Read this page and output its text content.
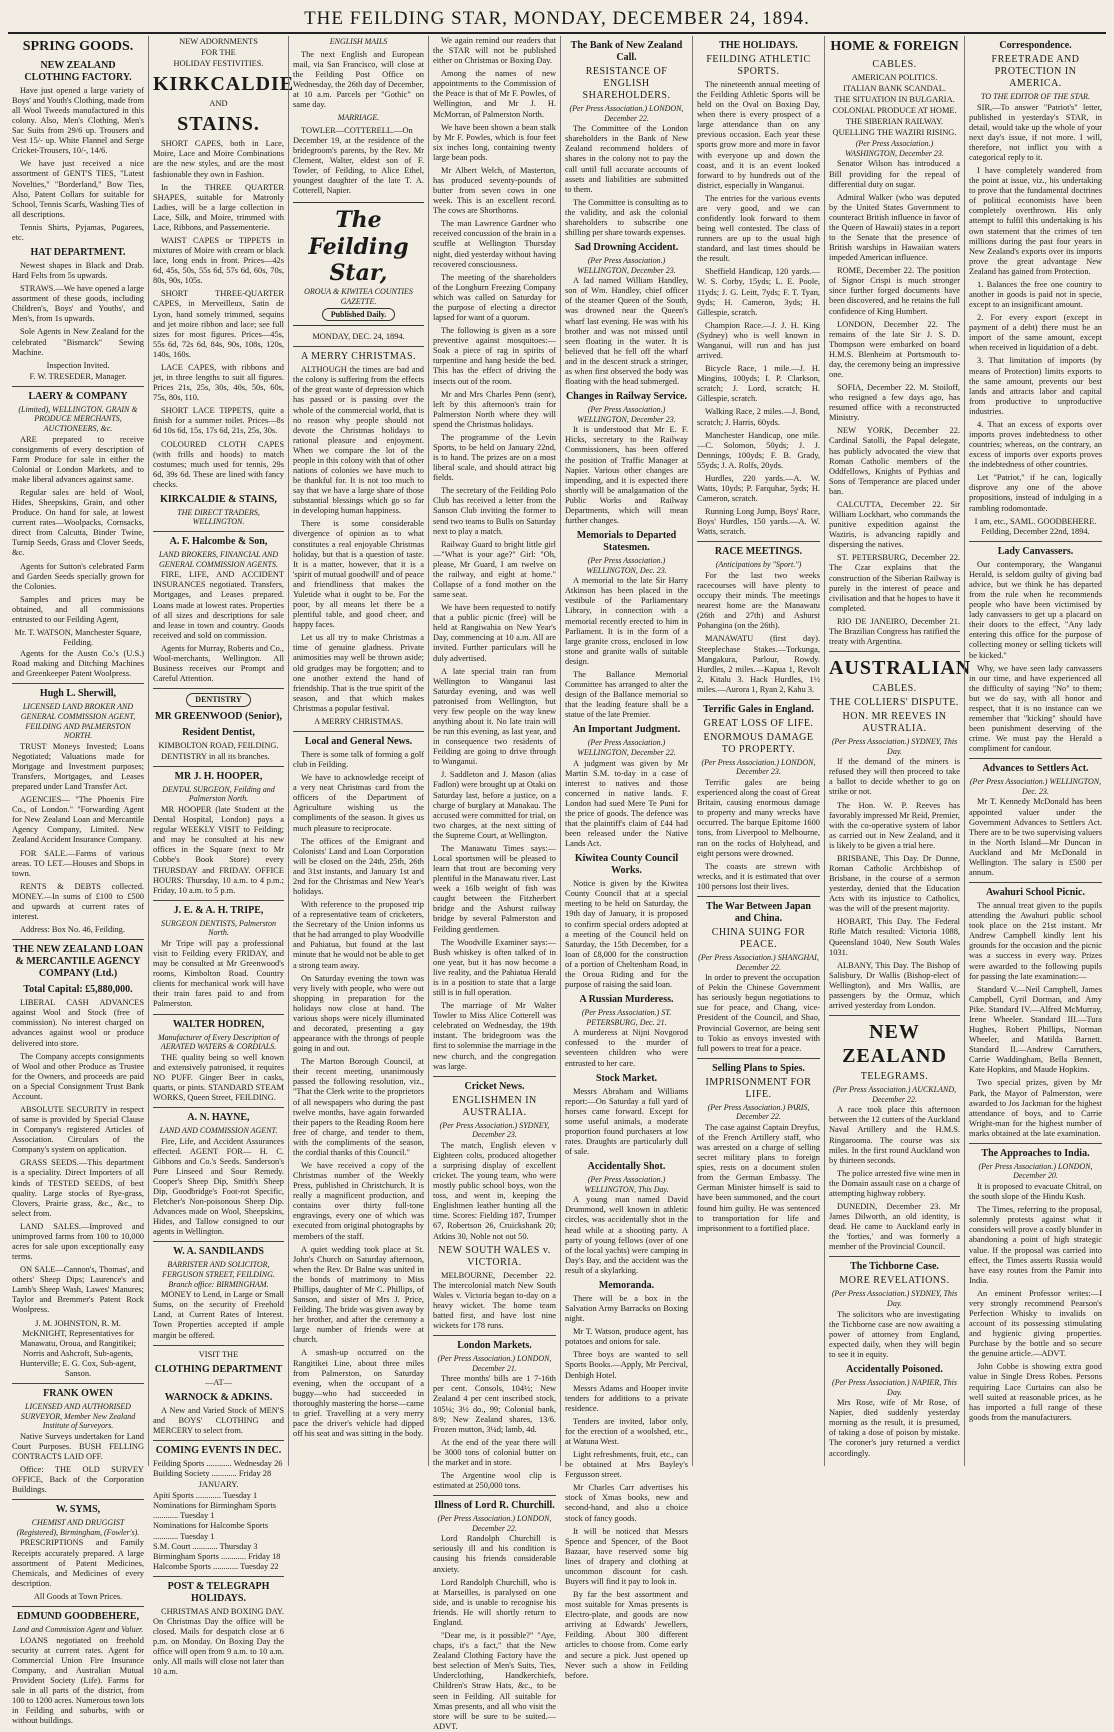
THE FEILDING STAR, MONDAY, DECEMBER 24, 1894.
SPRING GOODS.
NEW ZEALAND CLOTHING FACTORY.

Have just opened a large variety of Boys' and Youth's Clothing, made from all Wool Tweeds manufactured in this colony. Also, Men's Clothing, Men's Sac Suits from 29/6 up. Trousers and Vest 15/- up. White Flannel and Serge Cricket-Trousers, 10/-, 14/6.

We have just received a nice assortment of GENT'S TIES, "Latest Novelties," "Borderland," Bow Ties, Also, Patent Collars for suitable for School, Tennis Scarfs, Washing Ties of all descriptions.

Tennis Shirts, Pyjamas, Pugarees, etc.

HAT DEPARTMENT.

Newest shapes in Black and Drab. Hard Felts from 5s upwards.

STRAWS.—We have opened a large assortment of these goods, including Children's, Boys' and Youths', and Men's, from 1s upwards.

Sole Agents in New Zealand for the celebrated "Bismarck" Sewing Machine.

Inspection Invited.

F. W. TRESEDER, Manager.

LAERY & COMPANY
(Limited), WELLINGTON. GRAIN & PRODUCE MERCHANTS, AUCTIONEERS, &c.

ARE prepared to receive consignments of every description of Farm Produce for sale in either the Colonial or London Markets, and to make liberal advances against same.

Regular sales are held of Wool, Hides, Sheepskins, Grain, and other Produce. On hand for sale, at lowest current rates—Woolpacks, Cornsacks, direct from Calcutta, Binder Twine, Turnip Seeds, Grass and Clover Seeds, &c.

Agents for Sutton's celebrated Farm and Garden Seeds specially grown for the Colonies.

Samples and prices may be obtained, and all commissions entrusted to our Feilding Agent,

Mr. T. WATSON, Manchester Square, Feilding.

Agents for the Austn Co.'s (U.S.) Road making and Ditching Machines and Greenkeeper Patent Woolpress.

Hugh L. Sherwill,
LICENSED LAND BROKER AND GENERAL COMMISSION AGENT, FEILDING AND PALMERSTON NORTH.

TRUST Moneys Invested; Loans Negotiated; Valuations made for Mortgage and Investment purposes; Transfers, Mortgages, and Leases prepared under Land Transfer Act.

AGENCIES— "The Phoenix Fire Co., of London." "Forwarding Agent for New Zealand Loan and Mercantile Agency Company, Limited. New Zealand Accident Insurance Company.

FOR SALE.—Farms of various areas. TO LET.—Houses and Shops in town.

RENTS & DEBTS collected. MONEY.—In sums of £100 to £500 and upwards at current rates of interest.

Address: Box No. 46, Feilding.

THE NEW ZEALAND LOAN & MERCANTILE AGENCY COMPANY (Ltd.)
Total Capital: £5,880,000.

LIBERAL CASH ADVANCES against Wool and Stock (free of commission). No interest charged on advances against wool or produce delivered into store.

The Company accepts consignments of Wool and other Produce as Trustee for the Owners, and proceeds are paid on a Special Consignment Trust Bank Account.

ABSOLUTE SECURITY in respect of same is provided by Special Clause in Company's registered Articles of Association. Circulars of the Company's system on application.

GRASS SEEDS.—This department is a speciality. Direct Importers of all kinds of TESTED SEEDS, of best quality. Large stocks of Rye-grass, Clovers, Prairie grass, &c., &c., to select from.

LAND SALES.—Improved and unimproved farms from 100 to 10,000 acres for sale upon exceptionally easy terms.

ON SALE—Cannon's, Thomas', and others' Sheep Dips; Laurence's and Lamb's Sheep Wash, Lawes' Manures; Taylor and Bremmer's Patent Rock Woolpress.

J. M. JOHNSTON, R. M. McKNIGHT, Representatives for Manawatu, Oroua, and Rangitikei; Norris and Ashcroft, Sub-agents, Hunterville; E. G. Cox, Sub-agent, Sanson.

FRANK OWEN
LICENSED AND AUTHORISED SURVEYOR, Member New Zealand Institute of Surveyors.

Native Surveys undertaken for Land Court Purposes. BUSH FELLING CONTRACTS LAID OFF.

Office: THE OLD SURVEY OFFICE, Back of the Corporation Buildings.

W. SYMS,
CHEMIST AND DRUGGIST (Registered), Birmingham, (Fowler's).

PRESCRIPTIONS and Family Receipts accurately prepared. A large assortment of Patent Medicines, Chemicals, and Medicines of every description.

All Goods at Town Prices.

EDMUND GOODBEHERE,
Land and Commission Agent and Valuer.

LOANS negotiated on freehold security at current rates. Agent for Commercial Union Fire Insurance Company, and Australian Mutual Provident Society (Life). Farms for sale in all parts of the district, from 100 to 1200 acres. Numerous town lots in Feilding and suburbs, with or without buildings.

NEW ADORNMENTS

FOR THE

HOLIDAY FESTIVITIES.

KIRKCALDIE

AND

STAINS.

SHORT CAPES, both in Lace, Moire, Lace and Moire Combinations are the new styles, and are the most fashionable they own in Fashion.

In the THREE QUARTER SHAPES, suitable for Matronly Ladies, will be a large collection in Lace, Silk, and Moire, trimmed with Lace, Ribbons, and Passementerie.

WAIST CAPES or TIPPETS in mixtures of Moire with cream or black lace, long ends in front. Prices—42s 6d, 45s, 50s, 55s 6d, 57s 6d, 60s, 70s, 80s, 90s, 105s.

SHORT THREE-QUARTER CAPES, in Merveilleux, Satin de Lyon, hand somely trimmed, sequins and jet moire ribbon and lace; see full sizes for most figures. Prices—45s, 55s 6d, 72s 6d, 84s, 90s, 108s, 120s, 140s, 160s.

LACE CAPES, with ribbons and jet, in three lengths to suit all figures. Prices 21s, 25s, 30s, 40s, 50s, 60s, 75s, 80s, 110.

SHORT LACE TIPPETS, quite a finish for a summer toilet. Prices—8s 6d 10s 6d, 15s, 17s 6d, 21s, 25s, 30s.

COLOURED CLOTH CAPES (with frills and hoods) to match costumes; much used for tennis, 29s 6d, 39s 6d. These are lined with fancy checks.

KIRKCALDIE & STAINS,
THE DIRECT TRADERS, WELLINGTON.
A. F. Halcombe & Son,
LAND BROKERS, FINANCIAL AND GENERAL COMMISSION AGENTS.

FIRE, LIFE, AND ACCIDENT INSURANCES negotiated. Transfers, Mortgages, and Leases prepared. Loans made at lowest rates. Properties of all sizes and descriptions for sale and lease in town and country. Goods received and sold on commission.

Agents for Murray, Roberts and Co., Wool-merchants, Wellington. All Business receives our Prompt and Careful Attention.

DENTISTRY
MR GREENWOOD (Senior),
Resident Dentist,

KIMBOLTON ROAD, FEILDING.

DENTISTRY in all its branches.

MR J. H. HOOPER,
DENTAL SURGEON, Feilding and Palmerston North.

MR HOOPER (late Student at the Dental Hospital, London) pays a regular WEEKLY VISIT to Feilding; and may be consulted at his new offices in the Square (next to Mr Cobbe's Book Store) every THURSDAY and FRIDAY. OFFICE HOURS: Thursday, 10 a.m. to 4 p.m.; Friday, 10 a.m. to 5 p.m.

J. E. & A. H. TRIPE,
SURGEON DENTISTS, Palmerston North.

Mr Tripe will pay a professional visit to Feilding every FRIDAY, and may be consulted at Mr Greenwood's rooms, Kimbolton Road. Country clients for mechanical work will have their train fares paid to and from Palmerston.

WALTER HODREN,
Manufacturer of Every Description of AERATED WATERS & CORDIALS.

THE quality being so well known and extensively patronised, it requires NO PUFF. Ginger Beer in casks, quarts, or pints. STANDARD STEAM WORKS, Queen Street, FEILDING.

A. N. HAYNE,
LAND AND COMMISSION AGENT.

Fire, Life, and Accident Assurances effected. AGENT FOR— H. C. Gibbons and Co.'s Seeds. Sanderson's Pure Linseed and Sour Remedy. Cooper's Sheep Dip, Smith's Sheep Dip, Goodbridge's Foot-rot Specific, Fletcher's Non-poisonous Sheep Dip. Advances made on Wool, Sheepskins, Hides, and Tallow consigned to our agents in Wellington.

W. A. SANDILANDS
BARRISTER AND SOLICITOR, FERGUSON STREET, FEILDING. Branch office: BIRMINGHAM.

MONEY to Lend, in Large or Small Sums, on the security of Freehold Land, at Current Rates of Interest. Town Properties accepted if ample margin be offered.

VISIT THE

CLOTHING DEPARTMENT

—AT—

WARNOCK & ADKINS.

A New and Varied Stock of MEN'S and BOYS' CLOTHING and MERCERY to select from.

COMING EVENTS IN DEC.
Feilding Sports ............ Wednesday 26
Building Society ............ Friday 28
JANUARY.
Apiti Sports ............ Tuesday 1
Nominations for Birmingham Sports ............ Tuesday 1
Nominations for Halcombe Sports ............ Tuesday 1
S.M. Court ............ Thursday 3
Birmingham Sports ............ Friday 18
Halcombe Sports ............ Tuesday 22
POST & TELEGRAPH HOLIDAYS.

CHRISTMAS AND BOXING DAY. On Christmas Day the office will be closed. Mails for despatch close at 6 p.m. on Monday. On Boxing Day the office will open from 9 a.m. to 10 a.m. only. All mails will close not later than 10 a.m.

ENGLISH MAILS

The next English and European mail, via San Francisco, will close at the Feilding Post Office on Wednesday, the 26th day of December, at 10 a.m. Parcels per "Gothic" on same day.

MARRIAGE.

TOWLER—COTTERELL.—On December 19, at the residence of the bridegroom's parents, by the Rev. Mr Clement, Walter, eldest son of F. Towler, of Feilding, to Alice Ethel, youngest daughter of the late T. A. Cotterell, Napier.

The Feilding Star,
OROUA & KIWITEA COUNTIES GAZETTE.
Published Daily.
MONDAY, DEC. 24, 1894.
A MERRY CHRISTMAS.

ALTHOUGH the times are bad and the colony is suffering from the effects of the great waste of depression which has passed or is passing over the whole of the commercial world, that is no reason why people should not devote the Christmas holidays to rational pleasure and enjoyment. When we compare the lot of the people in this colony with that of other nations of colonies we have much to be thankful for. It is not too much to say that we have a large share of those substantial blessings which go so far in developing human happiness.

There is some considerable divergence of opinion as to what constitutes a real enjoyable Christmas holiday, but that is a question of taste. It is a matter, however, that it is a 'spirit of mutual goodwill' and of peace and friendliness that makes the Yuletide what it ought to be. For the poor, by all means let there be a plentiful table, and good cheer, and happy faces.

Let us all try to make Christmas a time of genuine gladness. Private animosities may well be thrown aside; old grudges may be forgotten; and to one another extend the hand of friendship. That is the true spirit of the season, and that which makes Christmas a popular festival.

A MERRY CHRISTMAS.

Local and General News.

There is some talk of forming a golf club in Feilding.

We have to acknowledge receipt of a very neat Christmas card from the officers of the Department of Agriculture wishing us the compliments of the season. It gives us much pleasure to reciprocate.

The offices of the Emigrant and Colonists' Land and Loan Corporation will be closed on the 24th, 25th, 26th and 31st instants, and January 1st and 2nd for the Christmas and New Year's holidays.

With reference to the proposed trip of a representative team of cricketers, the Secretary of the Union informs us that he had arranged to play Woodville and Pahiatua, but found at the last minute that he would not be able to get a strong team away.

On Saturday evening the town was very lively with people, who were out shopping in preparation for the holidays now close at hand. The various shops were nicely illuminated and decorated, presenting a gay appearance with the throngs of people going in and out.

The Marton Borough Council, at their recent meeting, unanimously passed the following resolution, viz., "That the Clerk write to the proprietors of all newspapers who during the past twelve months, have again forwarded their papers to the Reading Room here free of charge, and tender to them, with the compliments of the season, the cordial thanks of this Council."

We have received a copy of the Christmas number of the Weekly Press, published in Christchurch. It is really a magnificent production, and contains over thirty full-tone engravings, every one of which was executed from original photographs by members of the staff.

A quiet wedding took place at St. John's Church on Saturday afternoon, when the Rev. Dr Balne was united in the bonds of matrimony to Miss Phillips, daughter of Mr C. Phillips, of Sanson, and sister of Mrs J. Price, Feilding. The bride was given away by her brother, and after the ceremony a large number of friends were at church.

A smash-up occurred on the Rangitikei Line, about three miles from Palmerston, on Saturday evening, when the occupant of a buggy—who had succeeded in thoroughly mastering the horse—came to grief. Travelling at a very merry pace the driver's vehicle had dipped off his seat and was sitting in the body.

We again remind our readers that the STAR will not be published either on Christmas or Boxing Day.

Among the names of new appointments to the Commission of the Peace is that of Mr F. Powles, of Wellington, and Mr J. H. McMorran, of Palmerston North.

We have been shown a bean stalk by Mr F. Powles, which is four feet six inches long, containing twenty large bean pods.

Mr Albert Welch, of Masterton, has produced seventy-pounds of butter from seven cows in one week. This is an excellent record. The cows are Shorthorns.

The man Lawrence Gardner who received concussion of the brain in a scuffle at Wellington Thursday night, died yesterday without having recovered consciousness.

The meeting of the shareholders of the Longburn Freezing Company which was called on Saturday for the purpose of electing a director lapsed for want of a quorum.

The following is given as a sore preventive against mosquitoes:—Soak a piece of rag in spirits of turpentine and hang beside the bed. This has the effect of driving the insects out of the room.

Mr and Mrs Charles Penn (senr), left by this afternoon's train for Palmerston North where they will spend the Christmas holidays.

The programme of the Levin Sports, to be held on January 22nd, is to hand. The prizes are on a most liberal scale, and should attract big fields.

The secretary of the Feilding Polo Club has received a letter from the Sanson Club inviting the former to send two teams to Bulls on Saturday next to play a match.

Railway Guard to bright little girl—"What is your age?" Girl: "Oh, please, Mr Guard, I am twelve on the railway, and eight at home." Collapse of a fond mother on the same seat.

We have been requested to notify that a public picnic (free) will be held at Rangiwahia on New Year's Day, commencing at 10 a.m. All are invited. Further particulars will be duly advertised.

A late special train ran from Wellington to Wanganui last Saturday evening, and was well patronised from Wellington, but very few people on the way knew anything about it. No late train will be run this evening, as last year, and in consequence two residents of Feilding are going to drive through to Wanganui.

J. Saddleton and J. Mason (alias Fadlon) were brought up at Otaki on Saturday last, before a justice, on a charge of burglary at Manakau. The accused were committed for trial, on two charges, at the next sitting of the Supreme Court, at Wellington.

The Manawatu Times says:—Local sportsmen will be pleased to learn that trout are becoming very plentiful in the Manawatu river. Last week a 16lb weight of fish was caught between the Fitzherbert bridge and the Ashurst railway bridge by several Palmerston and Feilding gentlemen.

The Woodville Examiner says:—Bush whiskey is often talked of in one year, but it has now become a live reality, and the Pahiatua Herald is in a position to state that a large still is in full operation.

The marriage of Mr Walter Towler to Miss Alice Cotterell was celebrated on Wednesday, the 19th instant. The bridegroom was the first to solemnise the marriage in the new church, and the congregation was large.

Cricket News.
ENGLISHMEN IN AUSTRALIA.
(Per Press Association.) SYDNEY, December 23.

The match, English eleven v Eighteen colts, produced altogether a surprising display of excellent cricket. The young team, who were mostly public school boys, won the toss, and went in, keeping the Englishmen leather hunting all the time. Scores: Fielding 187, Trumper 67, Robertson 26, Cruickshank 20; Atkins 30, Noble not out 50.

NEW SOUTH WALES v. VICTORIA.

MELBOURNE, December 22. The intercolonial match New South Wales v. Victoria began to-day on a heavy wicket. The home team batted first, and have lost nine wickets for 178 runs.

London Markets.
(Per Press Association.) LONDON, December 21.

Three months' bills are 1 7-16th per cent. Consols, 104½; New Zealand 4 per cent inscribed stock, 105¼; 3½ do., 99; Colonial bank, 8/9; New Zealand shares, 13/6. Frozen mutton, 3¼d; lamb, 4d.

At the end of the year there will be 3000 tons of colonial butter on the market and in store.

The Argentine wool clip is estimated at 250,000 tons.

Illness of Lord R. Churchill.
(Per Press Association.) LONDON, December 22.

Lord Randolph Churchill is seriously ill and his condition is causing his friends considerable anxiety.

Lord Randolph Churchill, who is at Marseilles, is paralysed on one side, and is unable to recognise his friends. He will shortly return to England.

"Dear me, is it possible?" "Aye, chaps, it's a fact," that the New Zealand Clothing Factory have the best selection of Men's Suits, Ties, Underclothing, Handkerchiefs, Children's Straw Hats, &c., to be seen in Feilding. All suitable for Xmas presents, and all who visit the store will be sure to be suited.—ADVT.

The Bank of New Zealand Call.
RESISTANCE OF ENGLISH SHAREHOLDERS.
(Per Press Association.) LONDON, December 22.

The Committee of the London shareholders in the Bank of New Zealand recommend holders of shares in the colony not to pay the call until full accurate accounts of assets and liabilities are submitted to them.

The Committee is consulting as to the validity, and ask the colonial shareholders to subscribe one shilling per share towards expenses.

Sad Drowning Accident.
(Per Press Association.) WELLINGTON, December 23.

A lad named William Handley, son of Wm. Handley, chief officer of the steamer Queen of the South, was drowned near the Queen's wharf last evening. He was with his brother and was not missed until seen floating in the water. It is believed that he fell off the wharf and in the descent struck a stringer, as when first observed the body was floating with the head submerged.

Changes in Railway Service.
(Per Press Association.) WELLINGTON, December 23.

It is understood that Mr E. F. Hicks, secretary to the Railway Commissioners, has been offered the position of Traffic Manager at Napier. Various other changes are impending, and it is expected there shortly will be amalgamation of the Public Works and Railway Departments, which will mean further changes.

Memorials to Departed Statesmen.
(Per Press Association.) WELLINGTON, Dec. 23.

A memorial to the late Sir Harry Atkinson has been placed in the vestibule of the Parliamentary Library, in connection with a memorial recently erected to him in Parliament. It is in the form of a large granite cross, enclosed in low stone and granite walls of suitable design.

The Ballance Memorial Committee has arranged to alter the design of the Ballance memorial so that the leading feature shall be a statue of the late Premier.

An Important Judgment.
(Per Press Association.) WELLINGTON, December 22.

A judgment was given by Mr Martin S.M. to-day in a case of interest to natives and those concerned in native lands. F. London had sued Mere Te Puni for the price of goods. The defence was that the plaintiff's claim of £44 had been released under the Native Lands Act.

Kiwitea County Council Works.

Notice is given by the Kiwitea County Council that at a special meeting to be held on Saturday, the 19th day of January, it is proposed to confirm special orders adopted at a meeting of the Council held on Saturday, the 15th December, for a loan of £8,000 for the construction of a portion of Cheltenham Road, in the Oroua Riding and for the purpose of raising the said loan.

A Russian Murderess.
(Per Press Association.) ST. PETERSBURG, Dec. 21.

A murderess at Nijni Novgorod confessed to the murder of seventeen children who were entrusted to her care.

Stock Market.

Messrs Abraham and Williams report:—On Saturday a full yard of horses came forward. Except for some useful animals, a moderate proportion found purchasers at low rates. Draughts are particularly dull of sale.

Accidentally Shot.
(Per Press Association.) WELLINGTON, This Day.

A young man named David Drummond, well known in athletic circles, was accidentally shot in the head while at a shooting party. A party of young fellows (over of one of the local yachts) were camping in Day's Bay, and the accident was the result of a skylarking.

Memoranda.

There will be a box in the Salvation Army Barracks on Boxing night.

Mr T. Watson, produce agent, has potatoes and onions for sale.

Three boys are wanted to sell Sports Books.—Apply, Mr Percival, Denbigh Hotel.

Messrs Adams and Hooper invite tenders for additions to a private residence.

Tenders are invited, labor only, for the erection of a woolshed, etc., at Watuna West.

Light refreshments, fruit, etc., can be obtained at Mrs Bayley's Fergusson street.

Mr Charles Carr advertises his stock of Xmas books, new and second-hand, and also a choice stock of fancy goods.

It will be noticed that Messrs Spence and Spencer, of the Boot Bazaar, have reserved some big lines of drapery and clothing at uncommon discount for cash. Buyers will find it pay to look in.

By far the best assortment and most suitable for Xmas presents is Electro-plate, and goods are now arriving at Edwards' Jewellers, Feilding. About 300 different articles to choose from. Come early and secure a pick. Just opened up Never such a show in Feilding before.

THE HOLIDAYS.
FEILDING ATHLETIC SPORTS.

The nineteenth annual meeting of the Feilding Athletic Sports will be held on the Oval on Boxing Day, when there is every prospect of a large attendance than on any previous occasion. Each year these sports grow more and more in favor with everyone up and down the coast, and it is an event looked forward to by hundreds out of the district, especially in Wanganui.

The entries for the various events are very good, and we can confidently look forward to them being well contested. The class of runners are up to the usual high standard, and last times should be the result.

Sheffield Handicap, 120 yards.—W. S. Corby, 15yds; L. E. Poole, 11yds; J. G. Leitt, 7yds; F. T. Tyan, 9yds; H. Cameron, 3yds; H. Gillespie, scratch.

Champion Race.—J. J. H. King (Sydney) who is well known in Wanganui, will run and has just arrived.

Bicycle Race, 1 mile.—J. H. Mingins, 100yds; I. P. Clarkson, scratch; J. Lord, scratch; H. Gillespie, scratch.

Walking Race, 2 miles.—J. Bond, scratch; J. Harris, 60yds.

Manchester Handicap, one mile.—C. Solomon, 50yds; J. J. Dennings, 100yds; F. B. Grady, 55yds; J. A. Rolfs, 20yds.

Hurdles, 220 yards.—A. W. Watts, 10yds; P. Farquhar, 5yds; H. Cameron, scratch.

Running Long Jump, Boys' Race, Boys' Hurdles, 150 yards.—A. W. Watts, scratch.

RACE MEETINGS.
(Anticipations by "Sport.")

For the last two weeks racecourses will have plenty to occupy their minds. The meetings nearest home are the Manawatu (26th and 27th) and Ashurst Pohangina (on the 26th).

MANAWATU (first day). Steeplechase Stakes.—Torkunga, Mangakura, Parlour, Rowdy. Hurdles, 2 miles.—Kapua 1, Revolt 2, Kitalu 3. Hack Hurdles, 1½ miles.—Aurora 1, Ryan 2, Kahu 3.

Terrific Gales in England.
GREAT LOSS OF LIFE.
ENORMOUS DAMAGE TO PROPERTY.
(Per Press Association.) LONDON, December 23.

Terrific gales are being experienced along the coast of Great Britain, causing enormous damage to property and many wrecks have occurred. The barque Epitome 1600 tons, from Liverpool to Melbourne, ran on the rocks of Holyhead, and eight persons were drowned.

The coasts are strewn with wrecks, and it is estimated that over 100 persons lost their lives.

The War Between Japan and China.
CHINA SUING FOR PEACE.
(Per Press Association.) SHANGHAI, December 22.

In order to prevent the occupation of Pekin the Chinese Government has seriously begun negotiations to sue for peace, and Chang, vice-President of the Council, and Shao, Provincial Governor, are being sent to Tokio as envoys invested with full powers to treat for a peace.

Selling Plans to Spies.
IMPRISONMENT FOR LIFE.
(Per Press Association.) PARIS, December 22.

The case against Captain Dreyfus, of the French Artillery staff, who was arrested on a charge of selling secret military plans to foreign spies, rests on a document stolen from the German Embassy. The German Minister himself is said to have been summoned, and the court found him guilty. He was sentenced to transportation for life and imprisonment to a fortified place.

HOME & FOREIGN
CABLES.
AMERICAN POLITICS.
ITALIAN BANK SCANDAL.
THE SITUATION IN BULGARIA.
COLONIAL PRODUCE AT HOME.
THE SIBERIAN RAILWAY.
QUELLING THE WAZIRI RISING.
(Per Press Association.) WASHINGTON, December 23.

Senator Wilson has introduced a Bill providing for the repeal of differential duty on sugar.

Admiral Walker (who was deputed by the United States Government to counteract British influence in favor of the Queen of Hawaii) states in a report to the Senate that the presence of British warships in Hawaiian waters impeded American influence.

ROME, December 22. The position of Signor Crispi is much stronger since further forged documents have been discovered, and he retains the full confidence of King Humbert.

LONDON, December 22. The remains of the late Sir J. S. D. Thompson were embarked on board H.M.S. Blenheim at Portsmouth to-day, the ceremony being an impressive one.

SOFIA, December 22. M. Stoiloff, who resigned a few days ago, has resumed office with a reconstructed Ministry.

NEW YORK, December 22. Cardinal Satolli, the Papal delegate, has publicly advocated the view that Roman Catholic members of the Oddfellows, Knights of Pythias and Sons of Temperance are placed under ban.

CALCUTTA, December 22. Sir William Lockhart, who commands the punitive expedition against the Waziris, is advancing rapidly and dispersing the natives.

ST. PETERSBURG, December 22. The Czar explains that the construction of the Siberian Railway is purely in the interest of peace and civilisation and that he hopes to have it completed.

RIO DE JANEIRO, December 21. The Brazilian Congress has ratified the treaty with Argentina.

AUSTRALIAN
CABLES.
THE COLLIERS' DISPUTE.
HON. MR REEVES IN AUSTRALIA.
(Per Press Association.) SYDNEY, This Day.

If the demand of the miners is refused they will then proceed to take a ballot to decide whether to go on strike or not.

The Hon. W. P. Reeves has favorably impressed Mr Reid, Premier, with the co-operative system of labor as carried out in New Zealand, and it is likely to be given a trial here.

BRISBANE, This Day. Dr Dunne, Roman Catholic Archbishop of Brisbane, in the course of a sermon yesterday, denied that the Education Acts with its injustice to Catholics, was the will of the present majority.

HOBART, This Day. The Federal Rifle Match resulted: Victoria 1088, Queensland 1040, New South Wales 1031.

ALBANY, This Day. The Bishop of Salisbury, Dr Wallis (Bishop-elect of Wellington), and Mrs Wallis, are passengers by the Ormuz, which arrived yesterday from London.

NEW ZEALAND
TELEGRAMS.
(Per Press Association.) AUCKLAND, December 22.

A race took place this afternoon between the 12 cutters of the Auckland Naval Artillery and the H.M.S. Ringarooma. The course was six miles. In the first round Auckland won by thirteen seconds.

The police arrested five wine men in the Domain assault case on a charge of attempting highway robbery.

DUNEDIN, December 23. Mr James Dilworth, an old identity, is dead. He came to Auckland early in the 'forties,' and was formerly a member of the Provincial Council.

The Tichborne Case.
MORE REVELATIONS.
(Per Press Association.) SYDNEY, This Day.

The solicitors who are investigating the Tichborne case are now awaiting a power of attorney from England, expected daily, when they will begin to see it in equity.

Accidentally Poisoned.
(Per Press Association.) NAPIER, This Day.

Mrs Rose, wife of Mr Rose, of Napier, died suddenly yesterday morning as the result, it is presumed, of taking a dose of poison by mistake. The coroner's jury returned a verdict accordingly.

Correspondence.
FREETRADE AND PROTECTION IN AMERICA.
TO THE EDITOR OF THE STAR.

SIR,—To answer "Patriot's" letter, published in yesterday's STAR, in detail, would take up the whole of your next day's issue, if not more. I will, therefore, not inflict you with a categorical reply to it.

I have completely wandered from the point at issue, viz., his undertaking to prove that the fundamental doctrines of political economists have been completely overthrown. His only attempt to fulfil this undertaking is his own statement that the crimes of ten millions during the past four years in New Zealand's exports over its imports prove the great advantage New Zealand has gained from Protection.

1. Balances the free one country to another in goods is paid not in specie, except to an insignificant amount.

2. For every export (except in payment of a debt) there must be an import of the same amount, except when received in liquidation of a debt.

3. That limitation of imports (by means of Protection) limits exports to the same amount, prevents our best lands and attracts labor and capital from productive to unproductive industries.

4. That an excess of exports over imports proves indebtedness to other countries; whereas, on the contrary, an excess of imports over exports proves the indebtedness of other countries.

Let "Patriot," if he can, logically disprove any one of the above propositions, instead of indulging in a rambling rodomontade.

I am, etc., SAML. GOODBEHERE. Feilding, December 22nd, 1894.

Lady Canvassers.

Our contemporary, the Wanganui Herald, is seldom guilty of giving bad advice, but we think he has departed from the rule when he recommends people who have been victimised by lady canvassers to get up a placard on their doors to the effect, "Any lady entering this office for the purpose of collecting money or selling tickets will be kicked."

Why, we have seen lady canvassers in our time, and have experienced all the difficulty of saying "No" to them; but we do say, with all honor and respect, that it is no instance can we remember that "kicking" should have been punishment deserving of the crime. We must pay the Herald a compliment for candour.

Advances to Settlers Act.
(Per Press Association.) WELLINGTON, Dec. 23.

Mr T. Kennedy McDonald has been appointed valuer under the Government Advances to Settlers Act. There are to be two supervising valuers in the North Island—Mr Duncan in Auckland and Mr McDonald in Wellington. The salary is £500 per annum.

Awahuri School Picnic.

The annual treat given to the pupils attending the Awahuri public school took place on the 21st instant. Mr Andrew Campbell kindly lent his grounds for the occasion and the picnic was a success in every way. Prizes were awarded to the following pupils for passing the late examination:—

Standard V.—Neil Campbell, James Campbell, Cyril Dorman, and Amy Pike. Standard IV.—Alfred McMurray, Irene Wheeler. Standard III.—Tura Hughes, Robert Phillips, Norman Wheeler, and Matilda Barnett. Standard II.—Andrew Carruthers, Carrie Waddingham, Bella Bennett, Kate Hopkins, and Maude Hopkins.

Two special prizes, given by Mr Park, the Mayor of Palmerston, were awarded to Jos Jackman for the highest attendance of boys, and to Carrie Wright-man for the highest number of marks obtained at the late examination.

The Approaches to India.
(Per Press Association.) LONDON, December 20.

It is proposed to evacuate Chitral, on the south slope of the Hindu Kush.

The Times, referring to the proposal, solemnly protests against what it considers will prove a costly blunder in abandoning a point of high strategic value. If the proposal was carried into effect, the Times asserts Russia would have easy routes from the Pamir into India.

An eminent Professor writes:—I very strongly recommend Pearson's Perfection Whisky to invalids on account of its possessing stimulating and hygienic giving properties. Purchase by the bottle and so secure the genuine article.—ADVT.

John Cobbe is showing extra good value in Single Dress Robes. Persons requiring Lace Curtains can also be well suited at reasonable prices, as he has imported a full range of these goods from the manufacturers.
